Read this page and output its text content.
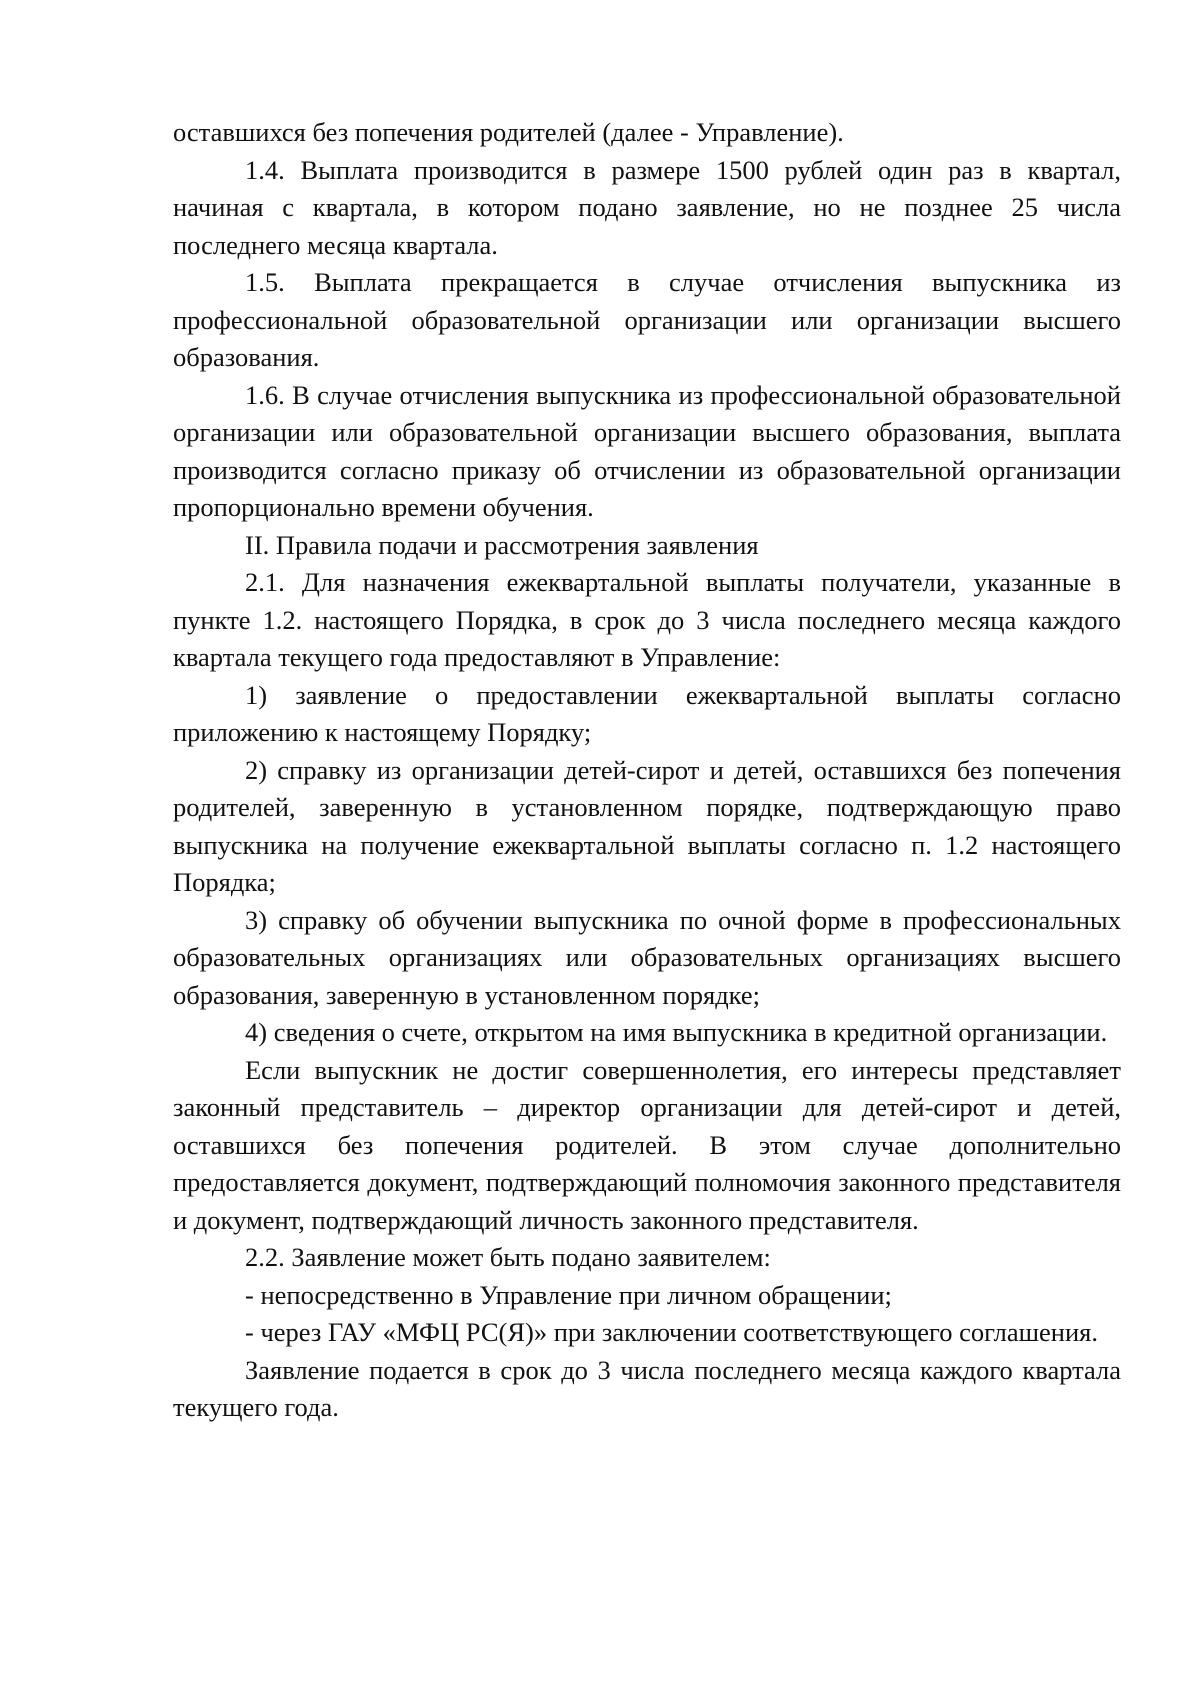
оставшихся без попечения родителей (далее - Управление).

1.4. Выплата производится в размере 1500 рублей один раз в квартал, начиная с квартала, в котором подано заявление, но не позднее 25 числа последнего месяца квартала.

1.5. Выплата прекращается в случае отчисления выпускника из профессиональной образовательной организации или организации высшего образования.

1.6. В случае отчисления выпускника из профессиональной образовательной организации или образовательной организации высшего образования, выплата производится согласно приказу об отчислении из образовательной организации пропорционально времени обучения.

II. Правила подачи и рассмотрения заявления

2.1. Для назначения ежеквартальной выплаты получатели, указанные в пункте 1.2. настоящего Порядка, в срок до 3 числа последнего месяца каждого квартала текущего года предоставляют в Управление:

1) заявление о предоставлении ежеквартальной выплаты согласно приложению к настоящему Порядку;

2) справку из организации детей-сирот и детей, оставшихся без попечения родителей, заверенную в установленном порядке, подтверждающую право выпускника на получение ежеквартальной выплаты согласно п. 1.2 настоящего Порядка;

3) справку об обучении выпускника по очной форме в профессиональных образовательных организациях или образовательных организациях высшего образования, заверенную в установленном порядке;

4) сведения о счете, открытом на имя выпускника в кредитной организации.

Если выпускник не достиг совершеннолетия, его интересы представляет законный представитель – директор организации для детей-сирот и детей, оставшихся без попечения родителей. В этом случае дополнительно предоставляется документ, подтверждающий полномочия законного представителя и документ, подтверждающий личность законного представителя.

2.2. Заявление может быть подано заявителем:

- непосредственно в Управление при личном обращении;

- через ГАУ «МФЦ РС(Я)» при заключении соответствующего соглашения.

Заявление подается в срок до 3 числа последнего месяца каждого квартала текущего года.
